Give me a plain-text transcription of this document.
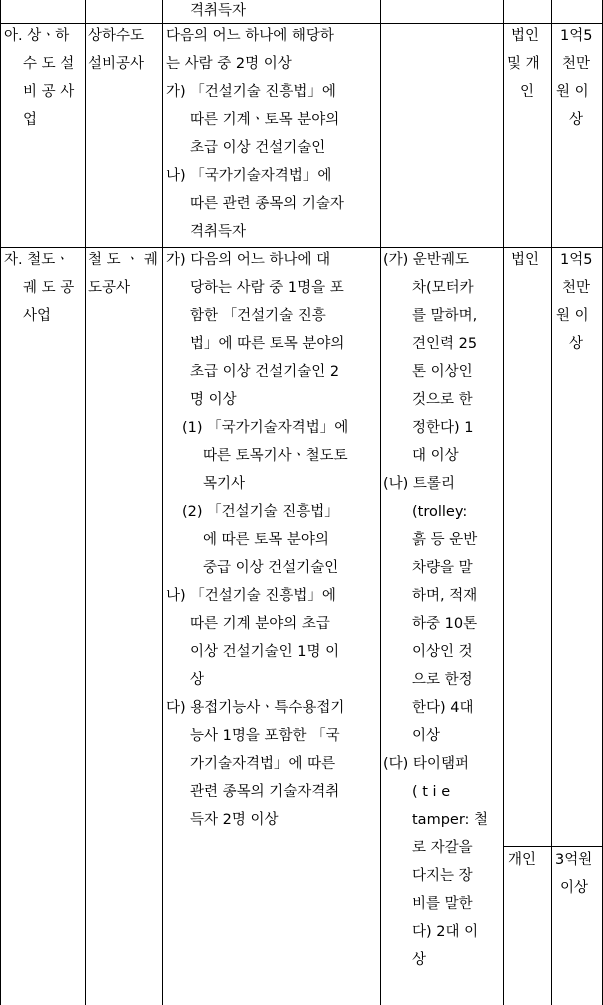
격취득자
아. 상ㆍ하
수 도 설
비 공 사
업
상하수도
설비공사
다음의 어느 하나에 해당하
는 사람 중 2명 이상
가) 「건설기술 진흥법」에
따른 기계ㆍ토목 분야의
초급 이상 건설기술인
나) 「국가기술자격법」에
따른 관련 종목의 기술자
격취득자
법인
및 개
인
1억5
천만
원 이
상
자. 철도ㆍ
궤 도 공
사업
철 도 ㆍ 궤
도공사
가) 다음의 어느 하나에 대
당하는 사람 중 1명을 포
함한 「건설기술 진흥
법」에 따른 토목 분야의
초급 이상 건설기술인 2
명 이상
(1) 「국가기술자격법」에
따른 토목기사ㆍ철도토
목기사
(2) 「건설기술 진흥법」
에 따른 토목 분야의
중급 이상 건설기술인
나) 「건설기술 진흥법」에
따른 기계 분야의 초급
이상 건설기술인 1명 이
상
다) 용접기능사ㆍ특수용접기
능사 1명을 포함한 「국
가기술자격법」에 따른
관련 종목의 기술자격취
득자 2명 이상
(가) 운반궤도
차(모터카
를 말하며,
견인력 25
톤 이상인
것으로 한
정한다) 1
대 이상
(나) 트롤리
(trolley:
흙 등 운반
차량을 말
하며, 적재
하중 10톤
이상인 것
으로 한정
한다) 4대
이상
(다) 타이탬퍼
( t i e
tamper: 철
로 자갈을
다지는 장
비를 말한
다) 2대 이
상
법인 1억5
천만
원 이
상
개인 3억원
이상
